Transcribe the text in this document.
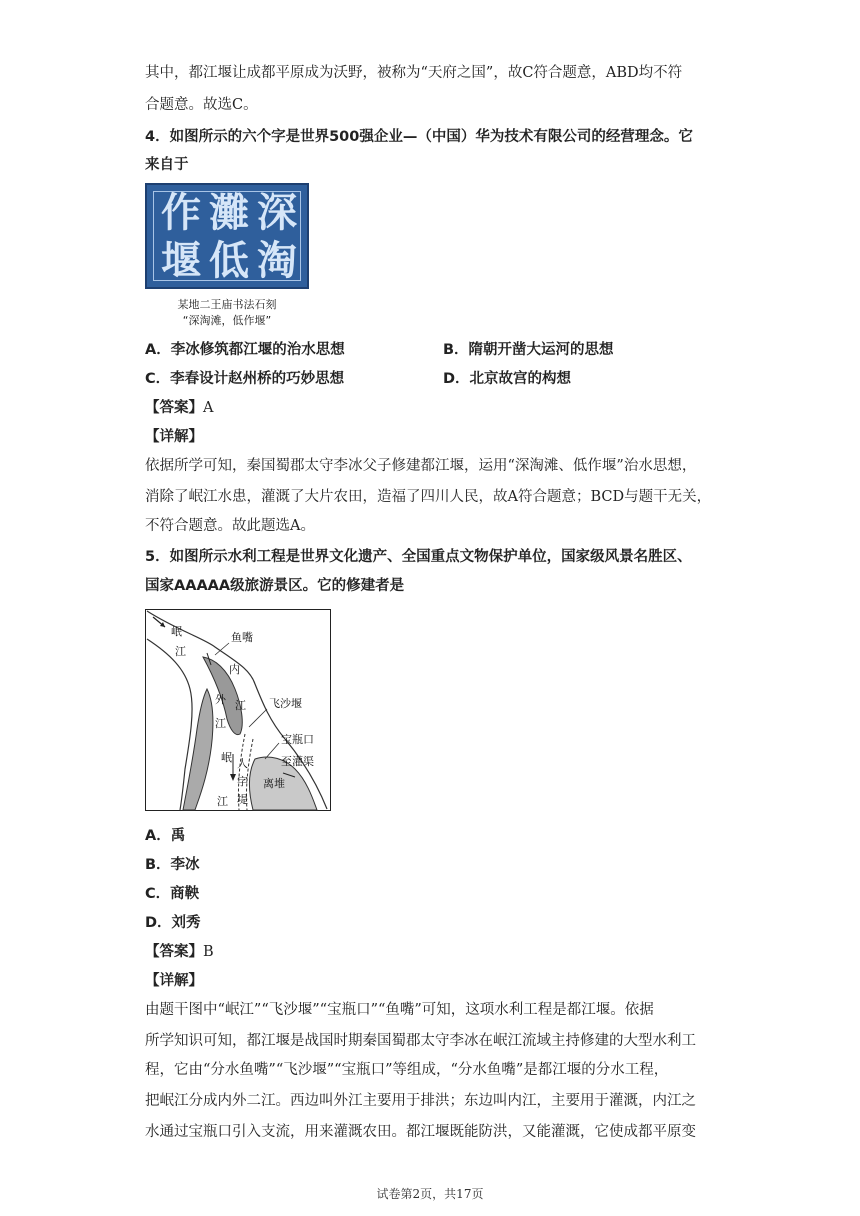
其中，都江堰让成都平原成为沃野，被称为“天府之国”，故C符合题意，ABD均不符
合题意。故选C。
4．如图所示的六个字是世界500强企业—（中国）华为技术有限公司的经营理念。它
来自于
深
灘
作
淘
低
堰
某地二王庙书法石刻
“深淘滩，低作堰”
A．李冰修筑都江堰的治水思想	B．隋朝开凿大运河的思想
C．李春设计赵州桥的巧妙思想	D．北京故宫的构想
【答案】A
【详解】
依据所学可知，秦国蜀郡太守李冰父子修建都江堰，运用“深淘滩、低作堰”治水思想，
消除了岷江水患，灌溉了大片农田，造福了四川人民，故A符合题意；BCD与题干无关，
不符合题意。故此题选A。
5．如图所示水利工程是世界文化遗产、全国重点文物保护单位，国家级风景名胜区、
国家AAAAA级旅游景区。它的修建者是
鱼嘴
飞沙堰
宝瓶口
至灌渠
离堆
岷
江
内
江
外
江
岷
江
人
字
堤
A．禹
B．李冰
C．商鞅
D．刘秀
【答案】B
【详解】
由题干图中“岷江”“飞沙堰”“宝瓶口”“鱼嘴”可知，这项水利工程是都江堰。依据
所学知识可知，都江堰是战国时期秦国蜀郡太守李冰在岷江流域主持修建的大型水利工
程，它由“分水鱼嘴”“飞沙堰”“宝瓶口”等组成，“分水鱼嘴”是都江堰的分水工程，
把岷江分成内外二江。西边叫外江主要用于排洪；东边叫内江，主要用于灌溉，内江之
水通过宝瓶口引入支流，用来灌溉农田。都江堰既能防洪，又能灌溉，它使成都平原变
试卷第2页，共17页
